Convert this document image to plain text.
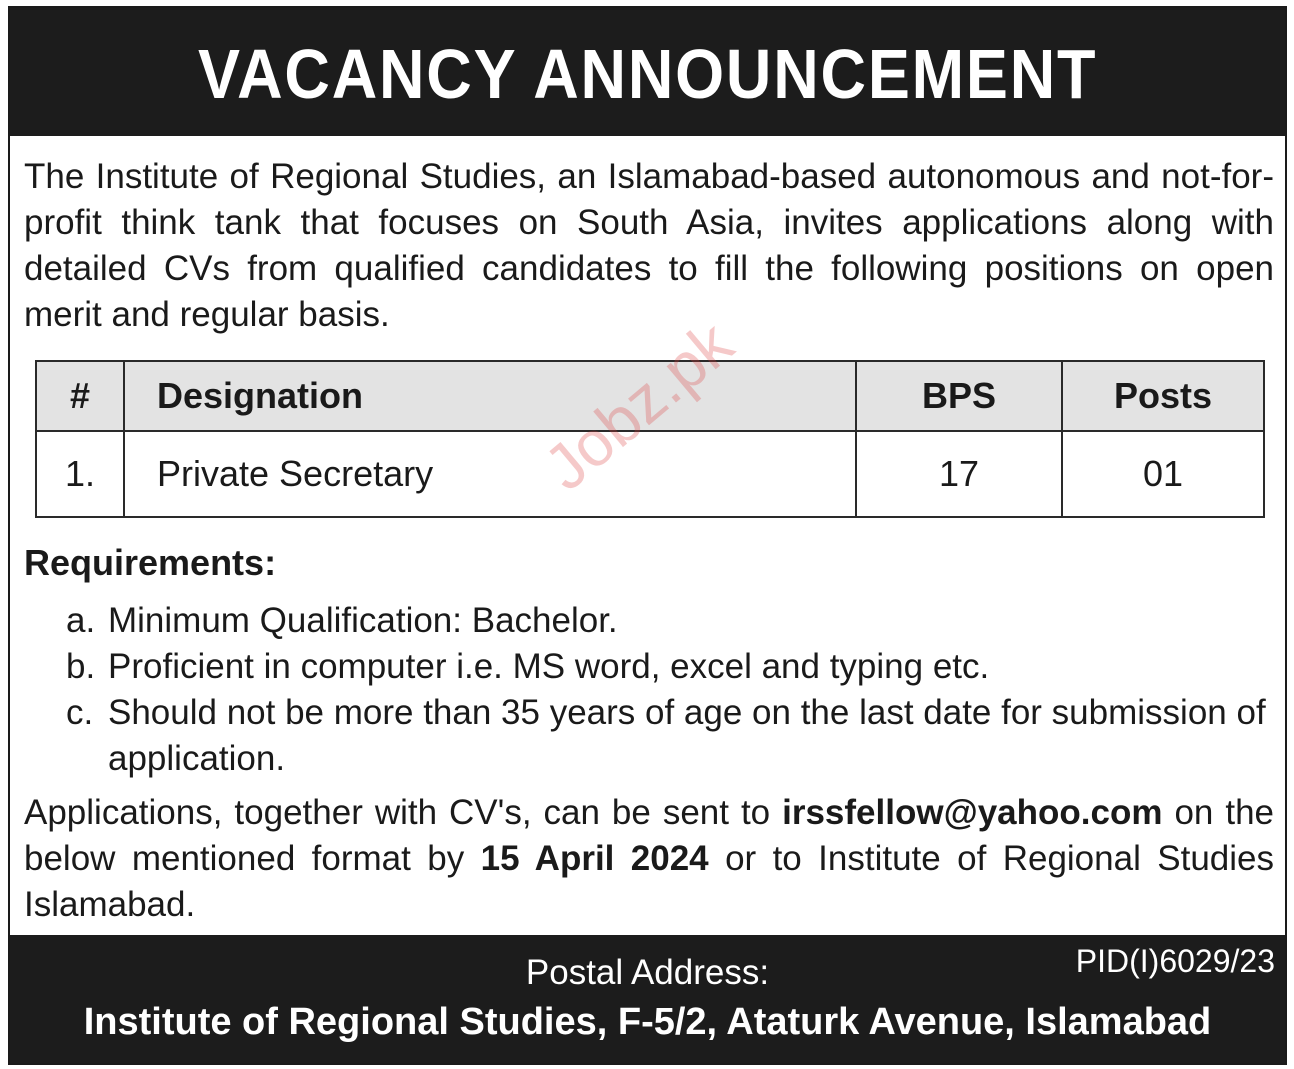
VACANCY ANNOUNCEMENT

The Institute of Regional Studies, an Islamabad-based autonomous and not-for- profit think tank that focuses on South Asia, invites applications along with detailed CVs from qualified candidates to fill the following positions on open merit and regular basis.

#	Designation	BPS	Posts
1.	Private Secretary	17	01

Requirements:

a. Minimum Qualification: Bachelor.
b. Proficient in computer i.e. MS word, excel and typing etc.
c. Should not be more than 35 years of age on the last date for submission of application.

Applications, together with CV's, can be sent to irssfellow@yahoo.com on the below mentioned format by 15 April 2024 or to Institute of Regional Studies Islamabad.

PID(I)6029/23
Postal Address:
Institute of Regional Studies, F-5/2, Ataturk Avenue, Islamabad
Jobz.pk
